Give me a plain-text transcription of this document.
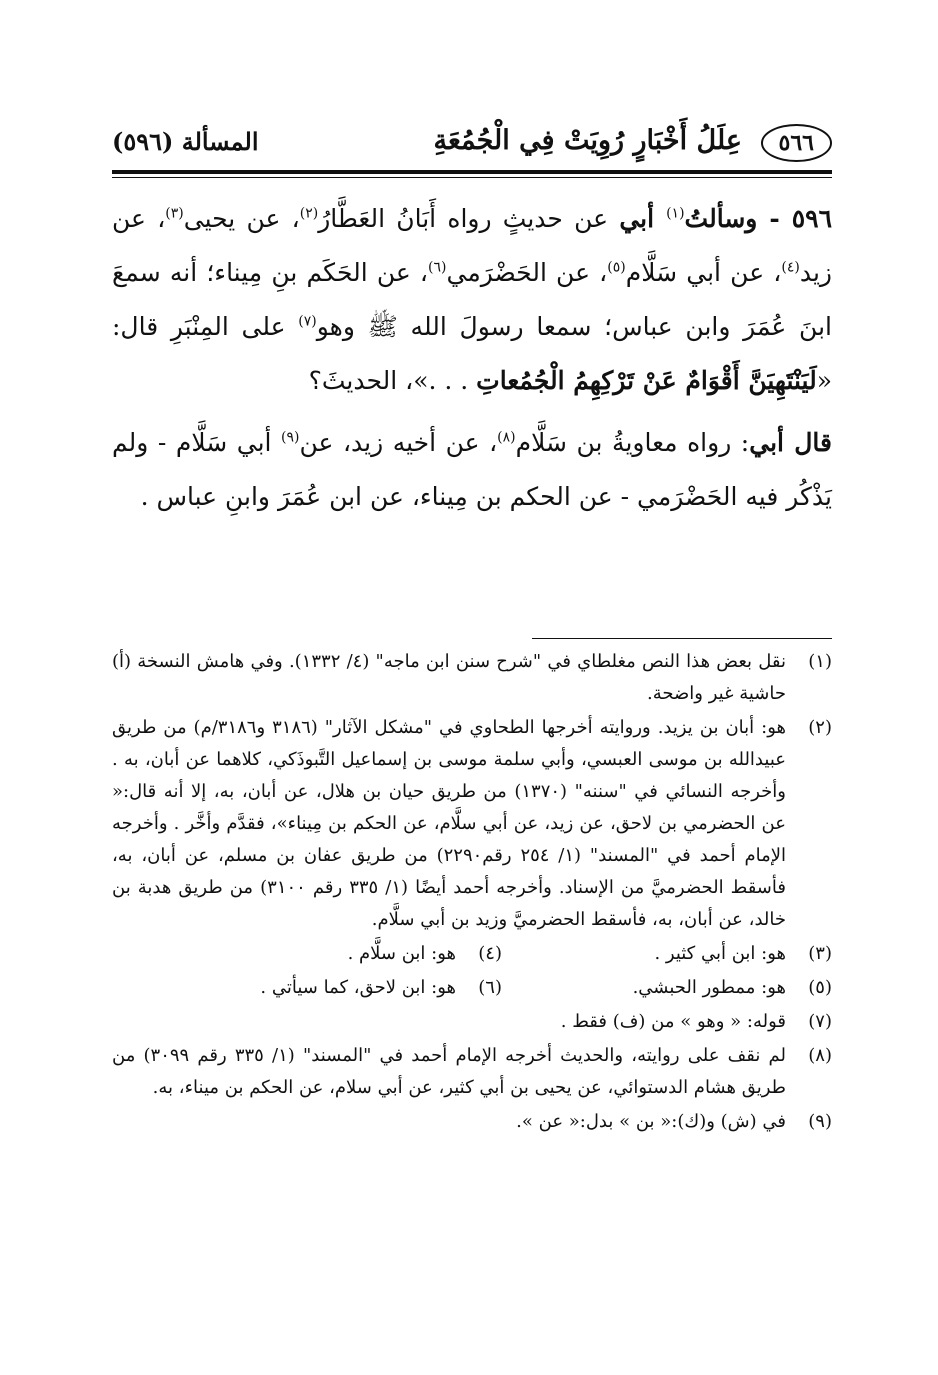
٥٦٦
عِلَلُ أَخْبَارٍ رُوِيَتْ فِي الْجُمُعَةِ
المسألة (٥٩٦)

٥٩٦ - وسألتُ$^{(١)}$ أبي عن حديثٍ رواه أَبَانُ العَطَّارُ$^{(٢)}$، عن يحيى$^{(٣)}$، عن زيد$^{(٤)}$، عن أبي سَلَّام$^{(٥)}$، عن الحَضْرَمي$^{(٦)}$، عن الحَكَم بنِ مِيناء؛ أنه سمعَ ابنَ عُمَرَ وابن عباس؛ سمعا رسولَ الله ﷺ وهو$^{(٧)}$ على المِنْبَرِ قال: «لَيَنْتَهِيَنَّ أَقْوَامٌ عَنْ تَرْكِهِمُ الْجُمُعاتِ . . .»، الحديثَ؟

قال أبي: رواه معاويةُ بن سَلَّام$^{(٨)}$، عن أخيه زيد، عن$^{(٩)}$ أبي سَلَّام - ولم يَذْكُر فيه الحَضْرَمي - عن الحكم بن مِيناء، عن ابن عُمَرَ وابنِ عباس .

(١)
نقل بعض هذا النص مغلطاي في "شرح سنن ابن ماجه" (٤/ ١٣٣٢). وفي هامش النسخة (أ) حاشية غير واضحة.
(٢)
هو: أبان بن يزيد. وروايته أخرجها الطحاوي في "مشكل الآثار" (٣١٨٦ و٣١٨٦/م) من طريق عبيدالله بن موسى العبسي، وأبي سلمة موسى بن إسماعيل التَّبوذَكي، كلاهما عن أبان، به . وأخرجه النسائي في "سننه" (١٣٧٠) من طريق حيان بن هلال، عن أبان، به، إلا أنه قال:« عن الحضرمي بن لاحق، عن زيد، عن أبي سلَّام، عن الحكم بن مِيناء»، فقدَّم وأخَّر . وأخرجه الإمام أحمد في "المسند" (١/ ٢٥٤ رقم٢٢٩٠) من طريق عفان بن مسلم، عن أبان، به، فأسقط الحضرميَّ من الإسناد. وأخرجه أحمد أيضًا (١/ ٣٣٥ رقم ٣١٠٠) من طريق هدبة بن خالد، عن أبان، به، فأسقط الحضرميَّ وزيد بن أبي سلَّام.
(٣)
هو: ابن أبي كثير .
(٤)
هو: ابن سلَّام .
(٥)
هو: ممطور الحبشي.
(٦)
هو: ابن لاحق، كما سيأتي .
(٧)
قوله: « وهو » من (ف) فقط .
(٨)
لم نقف على روايته، والحديث أخرجه الإمام أحمد في "المسند" (١/ ٣٣٥ رقم ٣٠٩٩) من طريق هشام الدستوائي، عن يحيى بن أبي كثير، عن أبي سلام، عن الحكم بن ميناء، به.
(٩)
في (ش) و(ك):« بن » بدل:« عن ».
